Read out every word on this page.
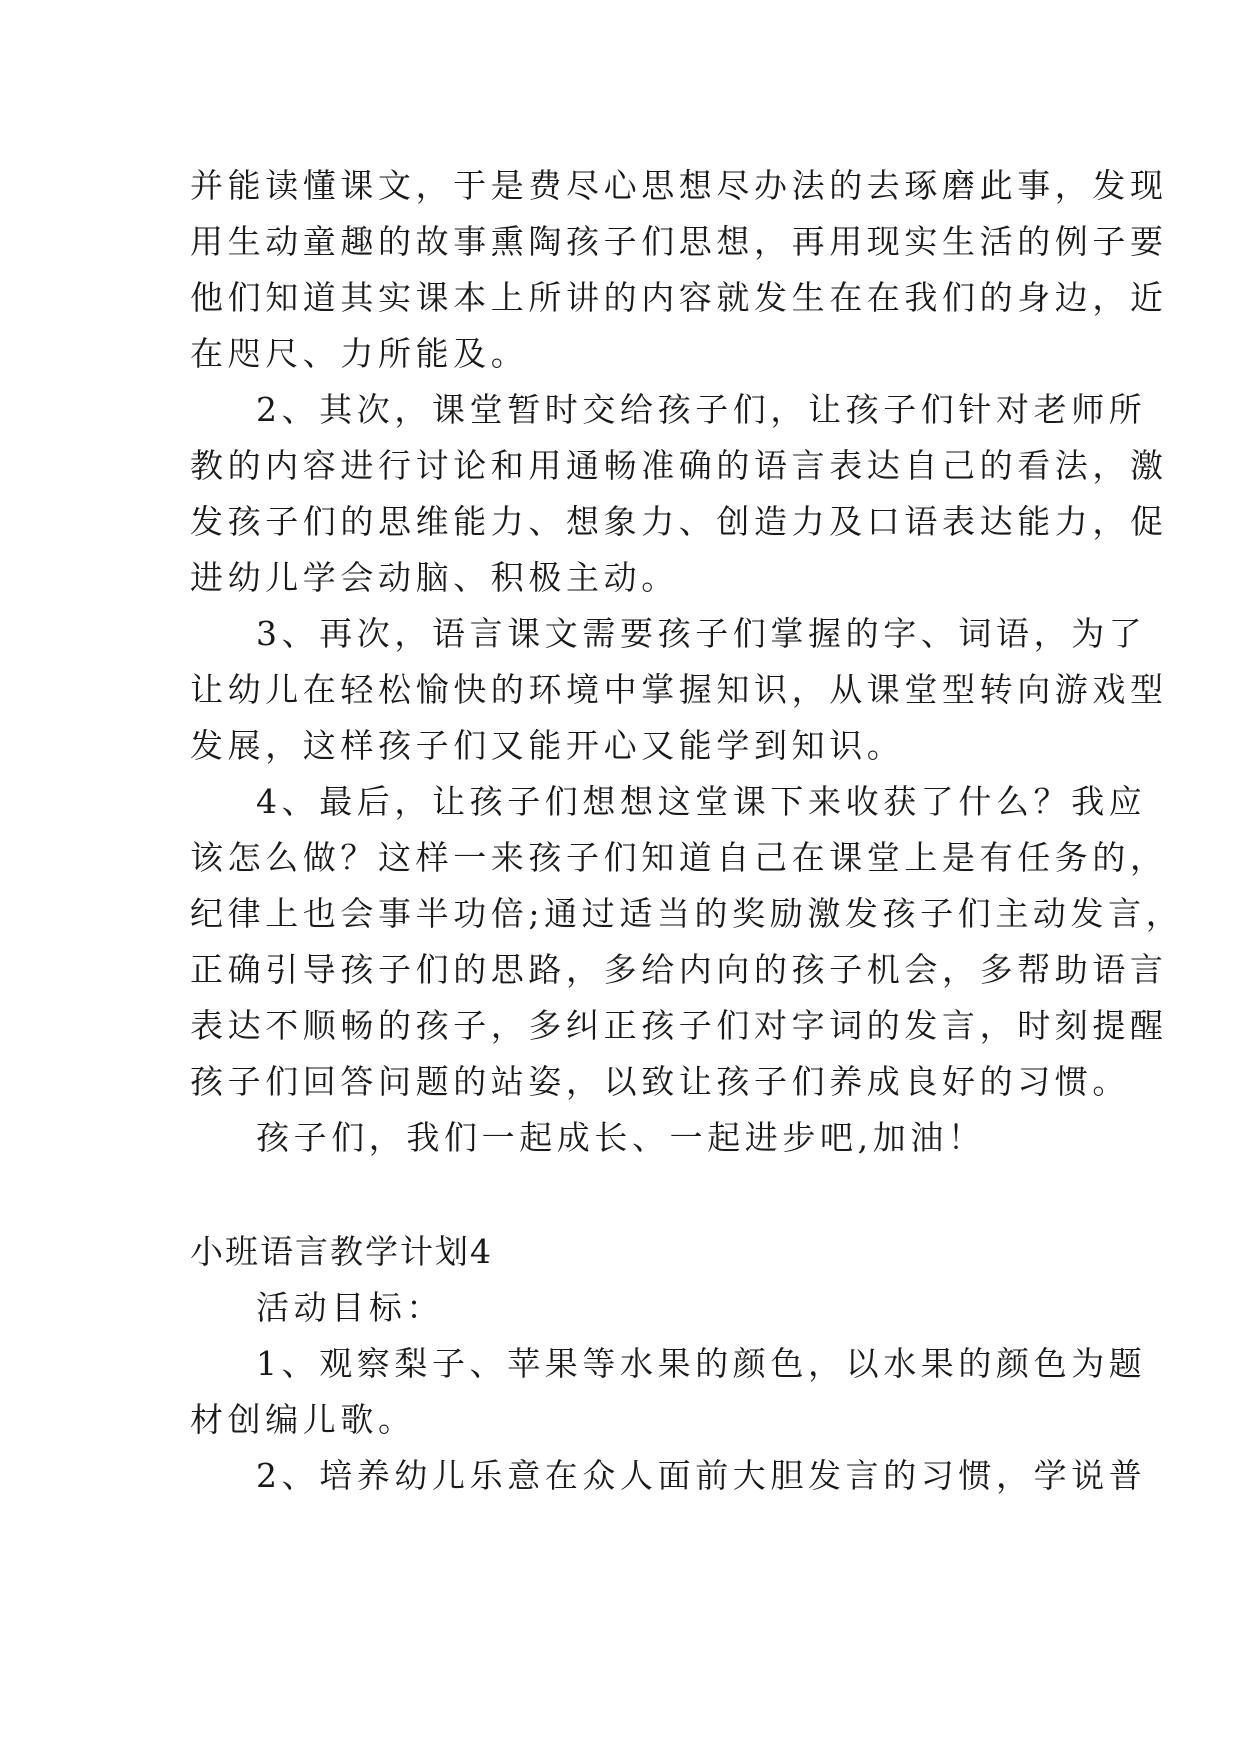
并能读懂课文，于是费尽心思想尽办法的去琢磨此事，发现
用生动童趣的故事熏陶孩子们思想，再用现实生活的例子要
他们知道其实课本上所讲的内容就发生在在我们的身边，近
在咫尺、力所能及。
2、其次，课堂暂时交给孩子们，让孩子们针对老师所
教的内容进行讨论和用通畅准确的语言表达自己的看法，激
发孩子们的思维能力、想象力、创造力及口语表达能力，促
进幼儿学会动脑、积极主动。
3、再次，语言课文需要孩子们掌握的字、词语，为了
让幼儿在轻松愉快的环境中掌握知识，从课堂型转向游戏型
发展，这样孩子们又能开心又能学到知识。
4、最后，让孩子们想想这堂课下来收获了什么？我应
该怎么做？这样一来孩子们知道自己在课堂上是有任务的，
纪律上也会事半功倍;通过适当的奖励激发孩子们主动发言，
正确引导孩子们的思路，多给内向的孩子机会，多帮助语言
表达不顺畅的孩子，多纠正孩子们对字词的发言，时刻提醒
孩子们回答问题的站姿，以致让孩子们养成良好的习惯。
孩子们，我们一起成长、一起进步吧,加油！
小班语言教学计划4
活动目标：
1、观察梨子、苹果等水果的颜色，以水果的颜色为题
材创编儿歌。
2、培养幼儿乐意在众人面前大胆发言的习惯，学说普
